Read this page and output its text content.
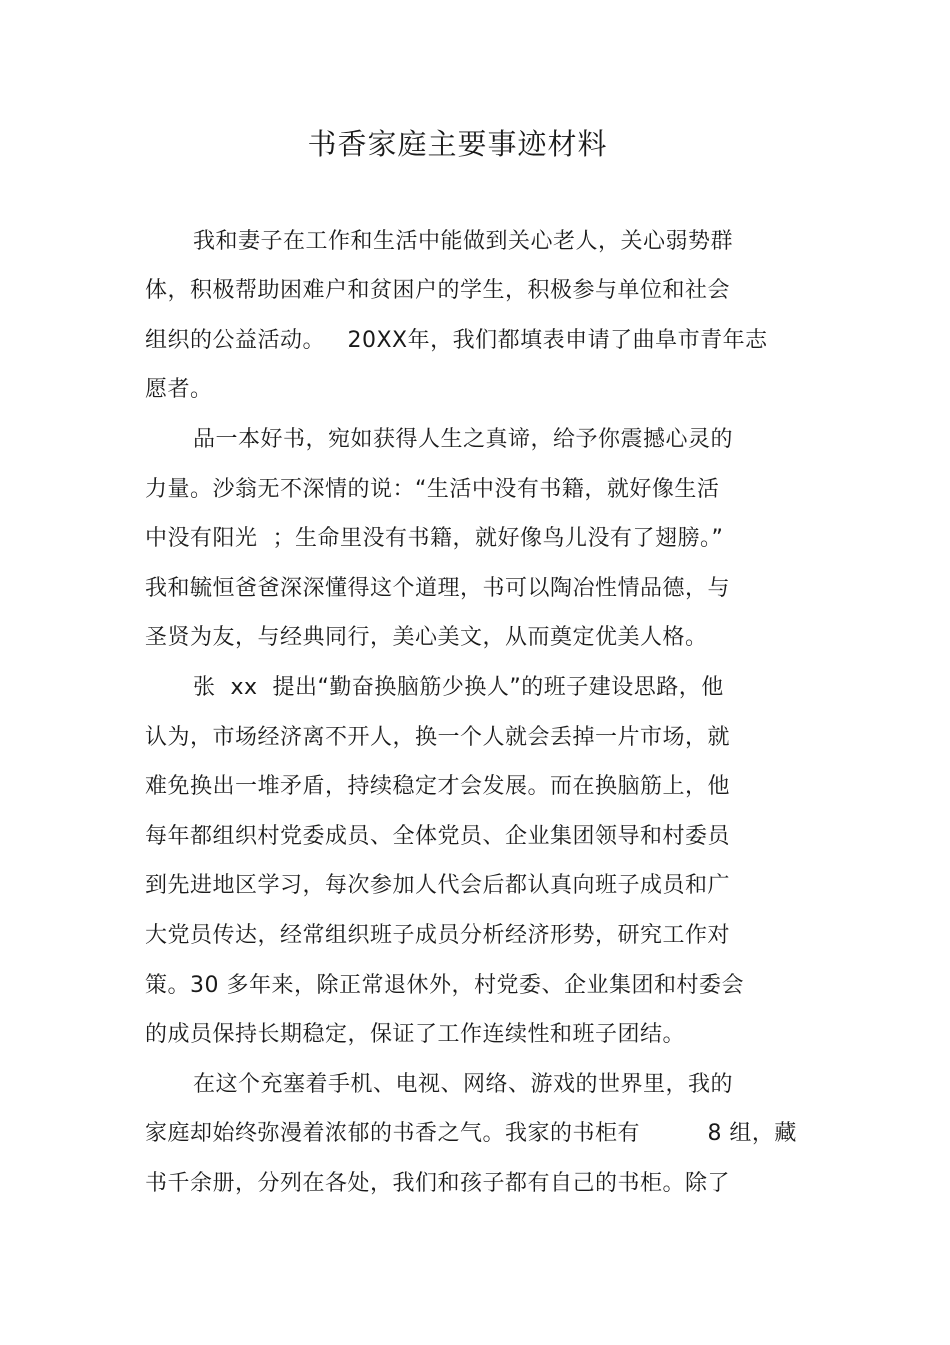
书香家庭主要事迹材料

我和妻子在工作和生活中能做到关心老人，关心弱势群

体，积极帮助困难户和贫困户的学生，积极参与单位和社会

组织的公益活动。   20XX年，我们都填表申请了曲阜市青年志

愿者。

品一本好书，宛如获得人生之真谛，给予你震撼心灵的

力量。沙翁无不深情的说：“生活中没有书籍，就好像生活

中没有阳光  ；生命里没有书籍，就好像鸟儿没有了翅膀。”

我和毓恒爸爸深深懂得这个道理，书可以陶冶性情品德，与

圣贤为友，与经典同行，美心美文，从而奠定优美人格。

张  xx  提出“勤奋换脑筋少换人”的班子建设思路，他

认为，市场经济离不开人，换一个人就会丢掉一片市场，就

难免换出一堆矛盾，持续稳定才会发展。而在换脑筋上，他

每年都组织村党委成员、全体党员、企业集团领导和村委员

到先进地区学习，每次参加人代会后都认真向班子成员和广

大党员传达，经常组织班子成员分析经济形势，研究工作对

策。30 多年来，除正常退休外，村党委、企业集团和村委会

的成员保持长期稳定，保证了工作连续性和班子团结。

在这个充塞着手机、电视、网络、游戏的世界里，我的

家庭却始终弥漫着浓郁的书香之气。我家的书柜有         8 组，藏

书千余册，分列在各处，我们和孩子都有自己的书柜。除了
